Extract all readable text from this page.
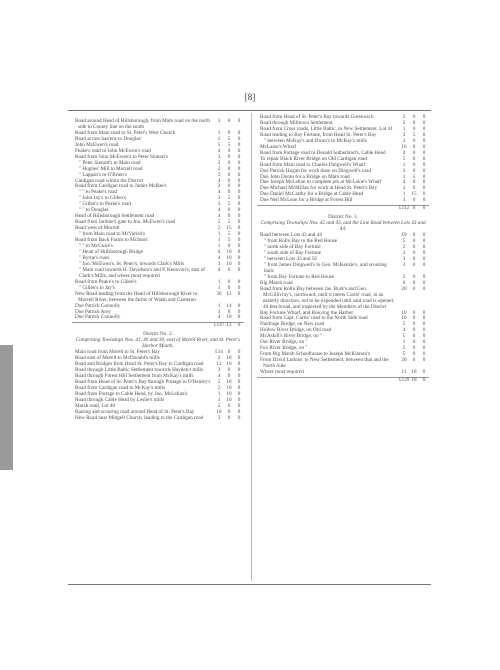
[8]
Road around Head of Hillsborough, from Main road on the north side to County line on the south
3	0	0
Road from Main road to St. Peter's West Church	1	0	0
Road across barrens to Douglas'	1	5	0
John McEwen's road	5	5	0
Peake's road to John McEwen's road	4	0	0
Road from John McEwen's to Peter Sinnott's	3	0	0
" Peter Sinnott's to Main road	2	0	0
" Hughes' Mill to Morrell road	2	0	0
" Lappan's to O'Brien's	3	0	0
Cardigan road within the District	4	0	0
Road from Cardigan road to James McRae's	2	0	0
" " to Peake's road	4	0	0
" John Jay's to Gillen's	3	5	0
" Gillen's to Peake's road	3	5	0
" " to Douglas'	4	0	0
Head of Hillsborough Settlement road	4	0	0
Road from Jardine's gate to Jno. McEwen's road	2	5	0
Road west of Morrell	2	15	0
" from Main road to McVarish's	1	5	0
Road from Back Farms to McInnis'	1	5	0
" " to McGuire's	1	0	0
" Head of Hillsborough Bridge	4	10	0
" Byrne's road	4	10	0
" Jno. McEwen's, St. Peter's, towards Clark's Mills	3	10	0
" Main road towards H. Davidson's and P. Kenovan's, east of Clark's Mills, and where most required
4	0	0
Road from Peake's to Gillen's	1	0	0
" Gillen's to Jay's	1	0	0
New Road leading from the Head of Hillsborough River to Morrell River, between the farms of Walsh and Cameron
30 12	0
Due Patrick Connolly	1	14	0
Due Patrick Arey	3	0	0
Due Patrick Connolly	4	10	0
£147 12	0
District No. 2.
Comprising Townships Nos. 41, 40 and 39, east of Morell River, and St. Peter's Harbor Mouth.
Main road from Morell to St. Peter's Bay	£14 0	0
Road east of Morell to McDonald's mills	2	10	0
Road and Bridges from Head St. Peter's Bay to Cardigan road	12 10	0
Road through Little Baltic Settlement towards Hayden's mills	3	0	0
Road through Forest Hill Settlement from McKay's mills	4	0	0
Road from Head of St. Peter's Bay through Portage to O'Hanley's	2	10	0
Road from Cardigan road to McKay's mills	2	10	0
Road from Portage to Cable Head, by Jno. McLellan's	1	10	0
Road through Cable Head by Leslie's mills	1	10	0
Marsh road, Lot 40	2	0	0
Raising and scouring road around Head of St. Peter's Bay	10	0	0
New Road near Midgell Church, leading to the Cardigan road	3	0	0
Road from Head of St. Peter's Bay towards Greenwich	2	0	0
Road through Milltown Settlement	2	0	0
Road from Cross roads, Little Baltic, to New Settlement, Lot 41	1	0	0
Road leading to Bay Fortune, from Head St. Peter's Bay	3	5	0
" between McKay's and Dwan's to McKay's mills	3	0	0
McLaine's Wharf	16	0	0
Road from Portage road to Donald Sutherland's, Cable Head	4	0	0
To repair Black River Bridge on Old Cardigan road	5	0	0
Road from Main road to Charles Dingwell's Wharf	1	0	0
Due Patrick Hogan for work done on Dingwell's road	3	0	0
Due John Doran for a Bridge on Main road	1	5	0
Due Joseph McLellan to complete job at McLaine's Wharf	4	0	0
Due Michael McMillan for work at Head St. Peter's Bay	3	0	0
Due Daniel McCarthy for a Bridge at Cable Head	1	15	0
Due Neil McLean for a Bridge at Forest Hill	3	0	0
£112 0	0
District No. 3.
Comprising Townships Nos. 42 and 43, and the Line Road between Lots 43 and 44.
Road between Lots 43 and 44	£9	0	0
" from Rollo Bay to the Red House	5	0	0
" north side of Bay Fortune	2	0	0
" south side of Bay Fortune	3	0	0
" between Lots 43 and 56	3	0	0
" from James Dingwell's to Geo. McKenzie's, and scouring back
3	0	0
" from Bay Fortune to Red House	2	0	0
Big Marsh road	6	0	0
Road from Rollo Bay between Jas. Burk's and Geo. McGillivray's, northward, until it meets Curtis' road, in an easterly direction, not to be expended until said road is opened, 40 feet broad, and inspected by the Members of the District
20	0	0
Bay Fortune Wharf, and Buoying the Harbor	10	0	0
Road from Capt. Curtis' road to the North Side road	10	0	0
Naufrage Bridge, on New road	5	0	0
Hollow River Bridge, on Old road	4	0	0
McAskill's River Bridge, on "	5	0	0
Our River Bridge, on "	1	0	0
Fox River Bridge, on "	5	0	0
From Big Marsh Schoolhouse to Joseph McKinnon's	5	0	0
From David Larkins' to New Settlement, between that and the North Side
20	0	0
Where most required	11 18	0
£129 18	0
